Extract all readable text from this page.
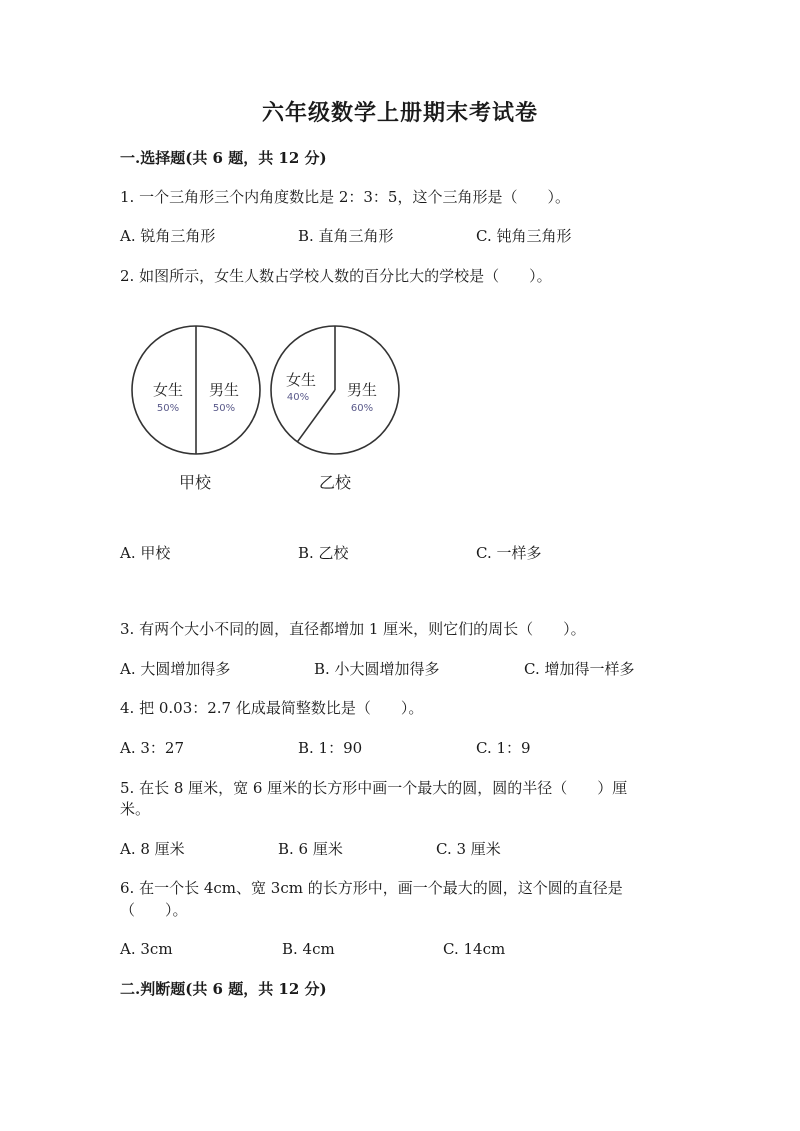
六年级数学上册期末考试卷
一.选择题(共 6 题，共 12 分)
1. 一个三角形三个内角度数比是 2：3：5，这个三角形是（　　）。
A. 锐角三角形	B. 直角三角形	C. 钝角三角形
2. 如图所示，女生人数占学校人数的百分比大的学校是（　　）。
女生
50%
男生
50%
甲校
女生
40%	男生
60%
乙校
A. 甲校	B. 乙校	C. 一样多
3. 有两个大小不同的圆，直径都增加 1 厘米，则它们的周长（　　）。
A. 大圆增加得多	B. 小大圆增加得多	C. 增加得一样多
4. 把 0.03：2.7 化成最简整数比是（　　）。
A. 3：27	B. 1：90	C. 1：9
5. 在长 8 厘米，宽 6 厘米的长方形中画一个最大的圆，圆的半径（　　）厘
米。
A. 8 厘米	B. 6 厘米	C. 3 厘米
6. 在一个长 4cm、宽 3cm 的长方形中，画一个最大的圆，这个圆的直径是
（　　）。
A. 3cm	B. 4cm	C. 14cm
二.判断题(共 6 题，共 12 分)
